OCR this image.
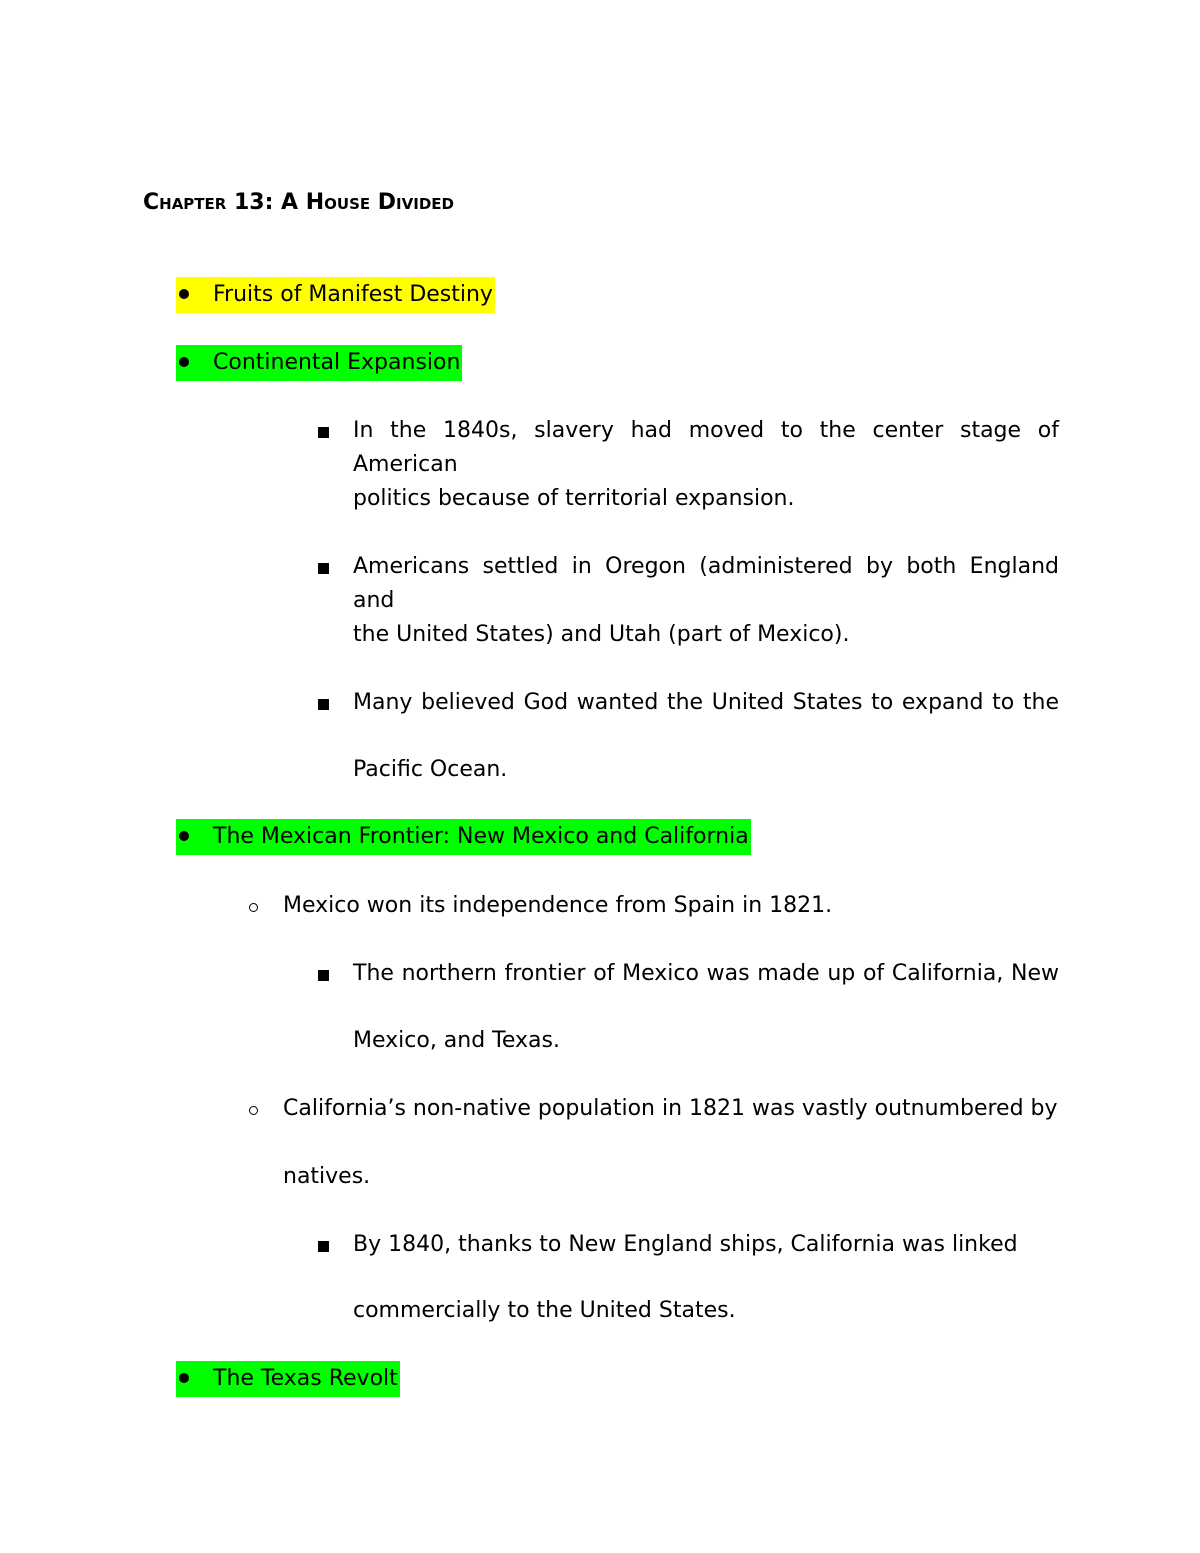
Chapter 13: A House Divided
Fruits of Manifest Destiny
Continental Expansion
In the 1840s, slavery had moved to the center stage of American
politics because of territorial expansion.
Americans settled in Oregon (administered by both England and
the United States) and Utah (part of Mexico).
Many believed God wanted the United States to expand to the
Pacific Ocean.
The Mexican Frontier: New Mexico and California
Mexico won its independence from Spain in 1821.
The northern frontier of Mexico was made up of California, New
Mexico, and Texas.
California’s non-native population in 1821 was vastly outnumbered by
natives.
By 1840, thanks to New England ships, California was linked
commercially to the United States.
The Texas Revolt
